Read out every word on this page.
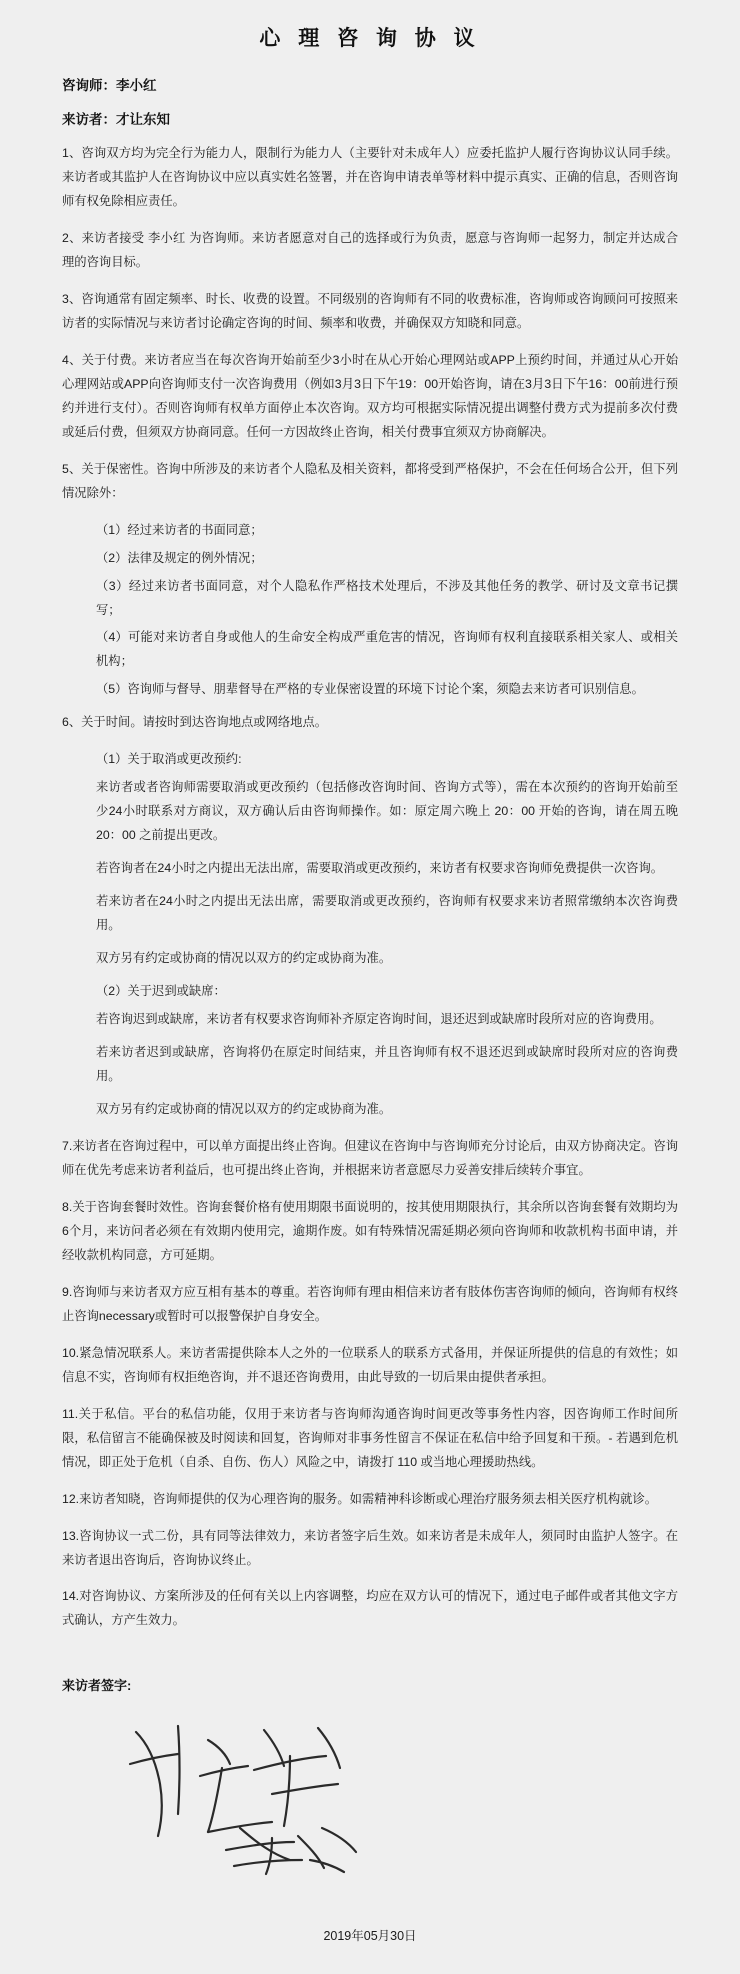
心 理 咨 询 协 议
咨询师：李小红
来访者：才让东知

1、咨询双方均为完全行为能力人，限制行为能力人（主要针对未成年人）应委托监护人履行咨询协议认同手续。来访者或其监护人在咨询协议中应以真实姓名签署，并在咨询申请表单等材料中提示真实、正确的信息，否则咨询师有权免除相应责任。

2、来访者接受 李小红 为咨询师。来访者愿意对自己的选择或行为负责，愿意与咨询师一起努力，制定并达成合理的咨询目标。

3、咨询通常有固定频率、时长、收费的设置。不同级别的咨询师有不同的收费标准，咨询师或咨询顾问可按照来访者的实际情况与来访者讨论确定咨询的时间、频率和收费，并确保双方知晓和同意。

4、关于付费。来访者应当在每次咨询开始前至少3小时在从心开始心理网站或APP上预约时间，并通过从心开始心理网站或APP向咨询师支付一次咨询费用（例如3月3日下午19：00开始咨询，请在3月3日下午16：00前进行预约并进行支付）。否则咨询师有权单方面停止本次咨询。双方均可根据实际情况提出调整付费方式为提前多次付费或延后付费，但须双方协商同意。任何一方因故终止咨询，相关付费事宜须双方协商解决。

5、关于保密性。咨询中所涉及的来访者个人隐私及相关资料，都将受到严格保护，不会在任何场合公开，但下列情况除外：

（1）经过来访者的书面同意；
（2）法律及规定的例外情况；
（3）经过来访者书面同意，对个人隐私作严格技术处理后，不涉及其他任务的教学、研讨及文章书记撰写；
（4）可能对来访者自身或他人的生命安全构成严重危害的情况，咨询师有权利直接联系相关家人、或相关机构；
（5）咨询师与督导、朋辈督导在严格的专业保密设置的环境下讨论个案，须隐去来访者可识别信息。

6、关于时间。请按时到达咨询地点或网络地点。

（1）关于取消或更改预约:
来访者或者咨询师需要取消或更改预约（包括修改咨询时间、咨询方式等），需在本次预约的咨询开始前至少24小时联系对方商议，双方确认后由咨询师操作。如：原定周六晚上 20：00 开始的咨询，请在周五晚 20：00 之前提出更改。
若咨询者在24小时之内提出无法出席，需要取消或更改预约，来访者有权要求咨询师免费提供一次咨询。
若来访者在24小时之内提出无法出席，需要取消或更改预约，咨询师有权要求来访者照常缴纳本次咨询费用。
双方另有约定或协商的情况以双方的约定或协商为准。
（2）关于迟到或缺席：
若咨询迟到或缺席，来访者有权要求咨询师补齐原定咨询时间，退还迟到或缺席时段所对应的咨询费用。
若来访者迟到或缺席，咨询将仍在原定时间结束，并且咨询师有权不退还迟到或缺席时段所对应的咨询费用。
双方另有约定或协商的情况以双方的约定或协商为准。

7.来访者在咨询过程中，可以单方面提出终止咨询。但建议在咨询中与咨询师充分讨论后，由双方协商决定。咨询师在优先考虑来访者利益后，也可提出终止咨询，并根据来访者意愿尽力妥善安排后续转介事宜。

8.关于咨询套餐时效性。咨询套餐价格有使用期限书面说明的，按其使用期限执行，其余所以咨询套餐有效期均为6个月，来访问者必须在有效期内使用完，逾期作废。如有特殊情况需延期必须向咨询师和收款机构书面申请，并经收款机构同意，方可延期。

9.咨询师与来访者双方应互相有基本的尊重。若咨询师有理由相信来访者有肢体伤害咨询师的倾向，咨询师有权终止咨询necessary或暂时可以报警保护自身安全。

10.紧急情况联系人。来访者需提供除本人之外的一位联系人的联系方式备用，并保证所提供的信息的有效性；如信息不实，咨询师有权拒绝咨询，并不退还咨询费用，由此导致的一切后果由提供者承担。

11.关于私信。平台的私信功能，仅用于来访者与咨询师沟通咨询时间更改等事务性内容，因咨询师工作时间所限，私信留言不能确保被及时阅读和回复，咨询师对非事务性留言不保证在私信中给予回复和干预。- 若遇到危机情况，即正处于危机（自杀、自伤、伤人）风险之中，请拨打 110 或当地心理援助热线。

12.来访者知晓，咨询师提供的仅为心理咨询的服务。如需精神科诊断或心理治疗服务须去相关医疗机构就诊。

13.咨询协议一式二份，具有同等法律效力，来访者签字后生效。如来访者是未成年人，须同时由监护人签字。在来访者退出咨询后，咨询协议终止。

14.对咨询协议、方案所涉及的任何有关以上内容调整，均应在双方认可的情况下，通过电子邮件或者其他文字方式确认，方产生效力。

来访者签字:
2019年05月30日
